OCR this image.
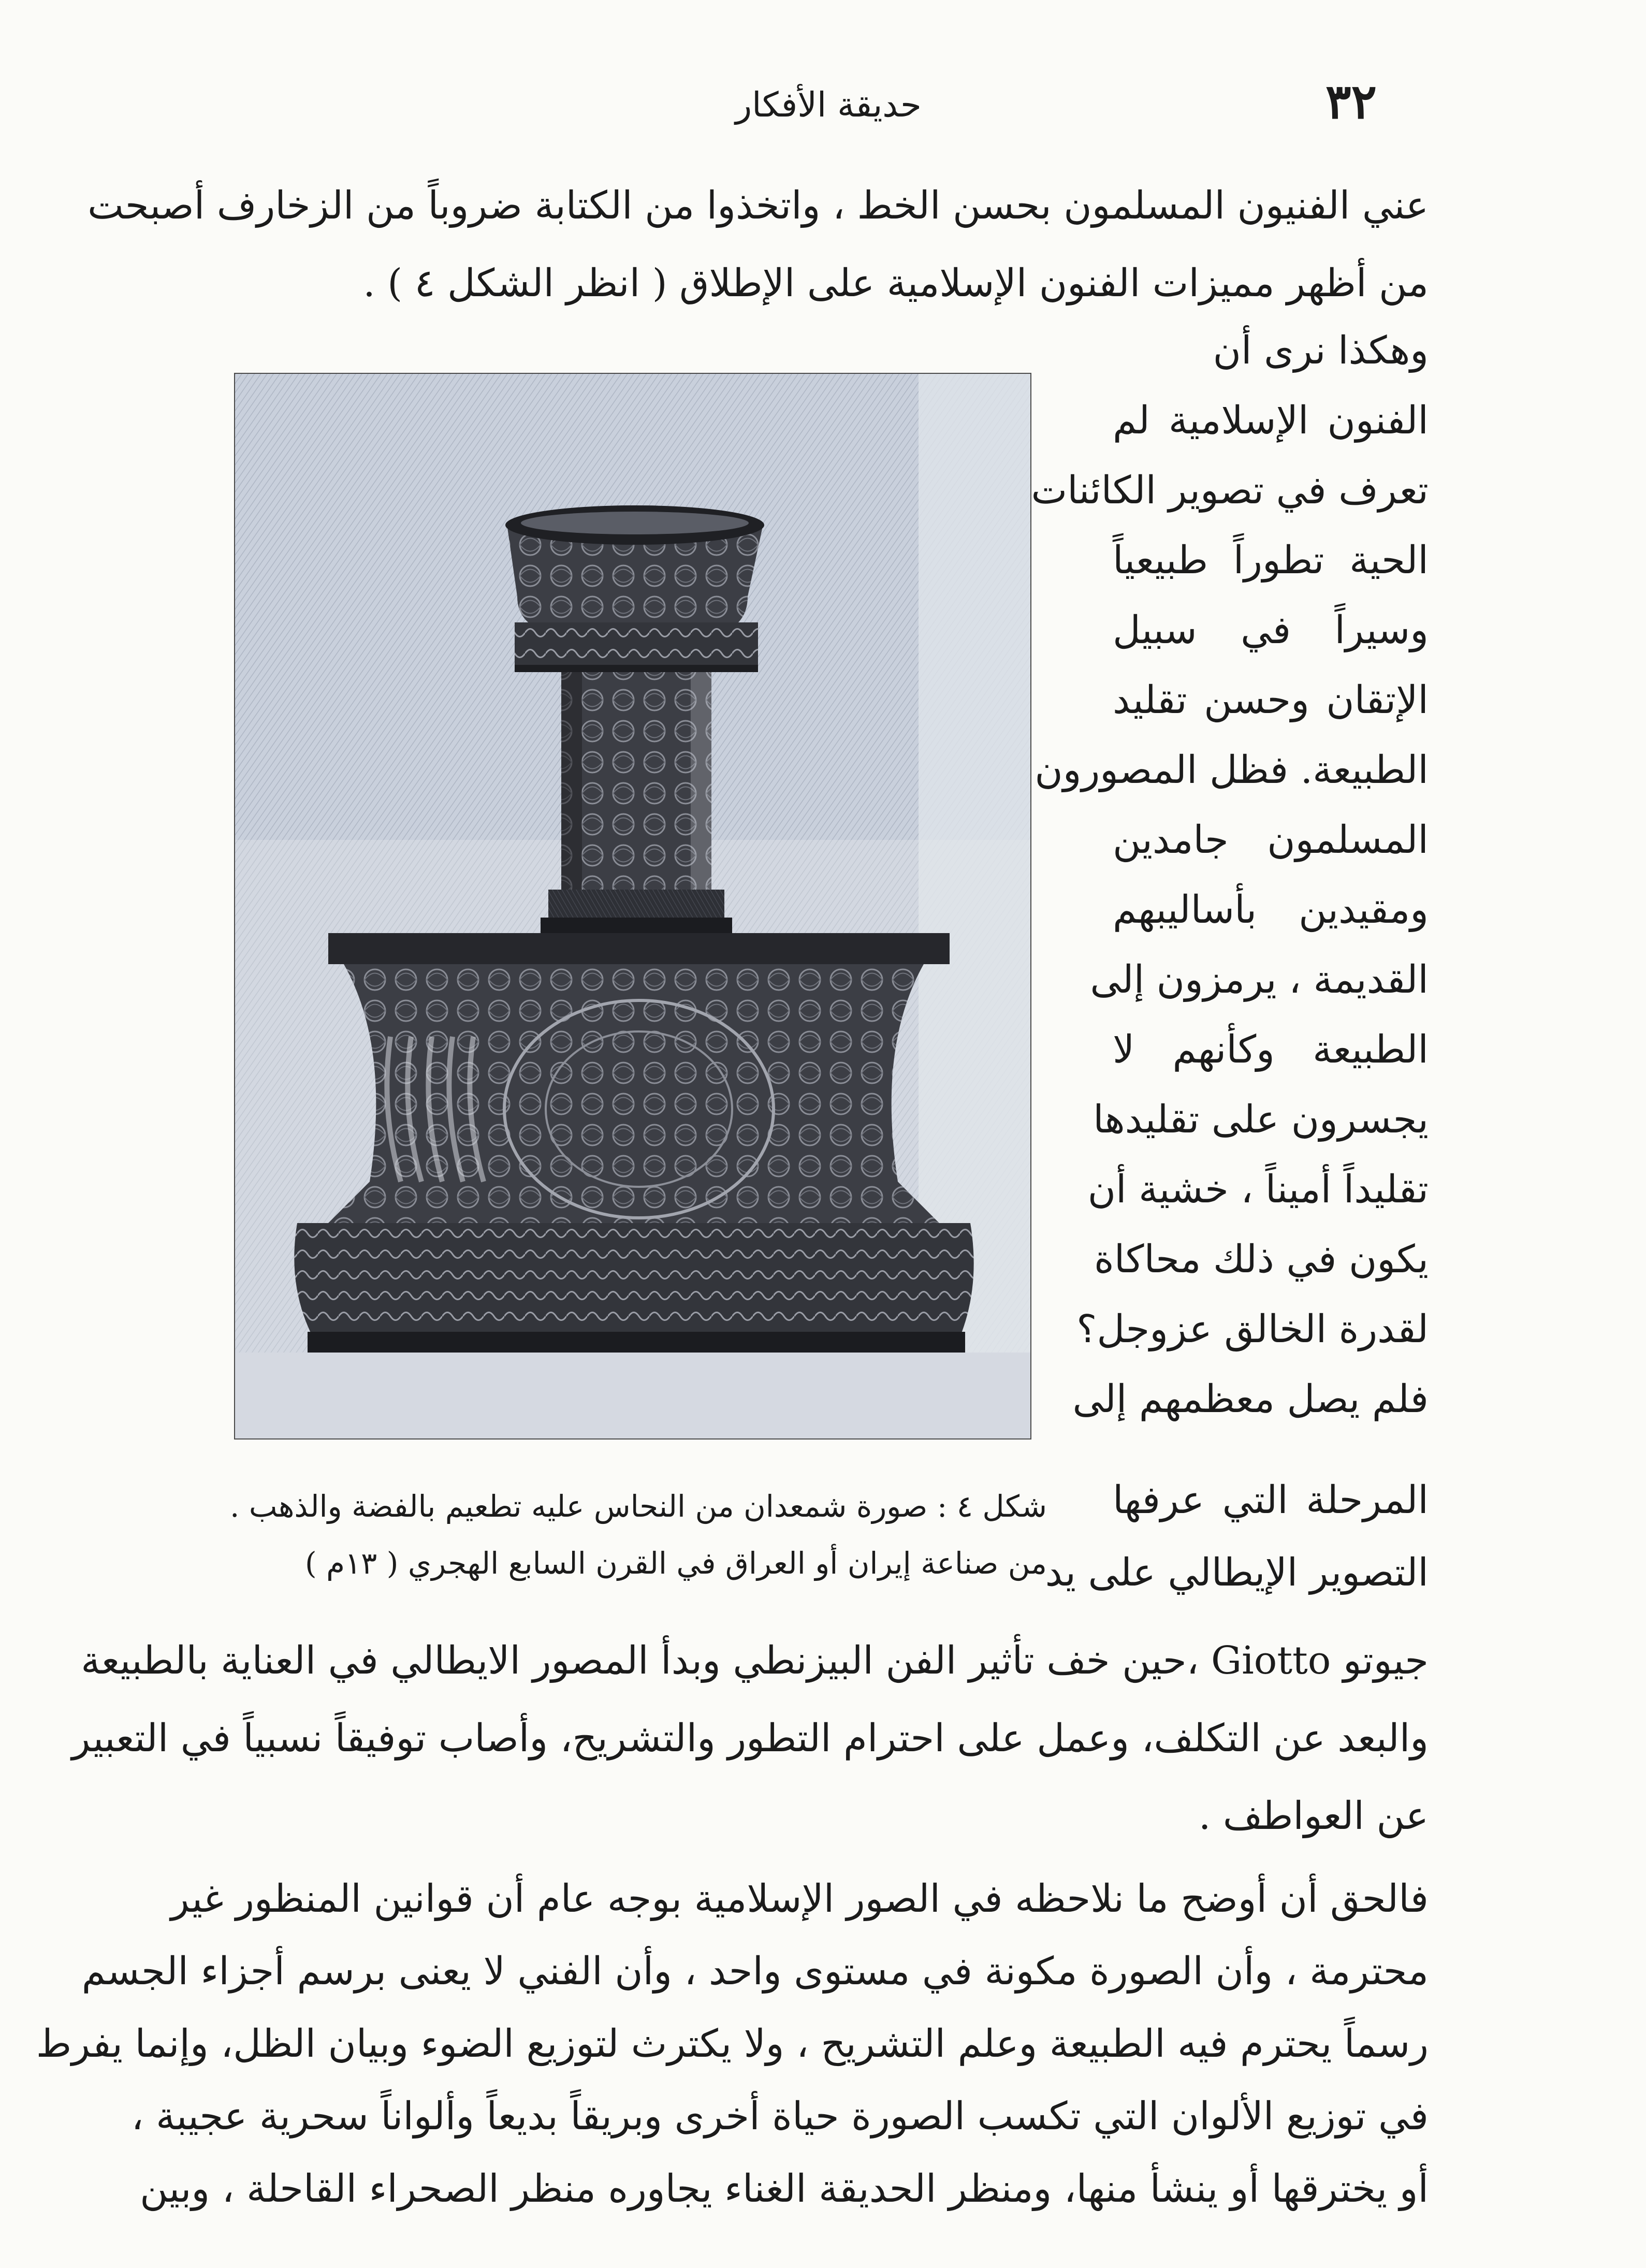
٣٢
حديقة الأفكار
عني الفنيون المسلمون بحسن الخط ، واتخذوا من الكتابة ضروباً من الزخارف أصبحت
من أظهر مميزات الفنون الإسلامية على الإطلاق ( انظر الشكل ٤ ) .
وهكذا نرى أن
الفنون الإسلامية لم
تعرف في تصوير الكائنات
الحية تطوراً طبيعياً
وسيراً في سبيل
الإتقان وحسن تقليد
الطبيعة. فظل المصورون
المسلمون جامدين
ومقيدين بأساليبهم
القديمة ، يرمزون إلى
الطبيعة وكأنهم لا
يجسرون على تقليدها
تقليداً أميناً ، خشية أن
يكون في ذلك محاكاة
لقدرة الخالق عزوجل؟
فلم يصل معظمهم إلى
المرحلة التي عرفها
التصوير الإيطالي على يد
شكل ٤ : صورة شمعدان من النحاس عليه تطعيم بالفضة والذهب .
من صناعة إيران أو العراق في القرن السابع الهجري ( ١٣م )
جيوتو Giotto ،حين خف تأثير الفن البيزنطي وبدأ المصور الايطالي في العناية بالطبيعة
والبعد عن التكلف، وعمل على احترام التطور والتشريح، وأصاب توفيقاً نسبياً في التعبير
عن العواطف .
فالحق أن أوضح ما نلاحظه في الصور الإسلامية بوجه عام أن قوانين المنظور غير
محترمة ، وأن الصورة مكونة في مستوى واحد ، وأن الفني لا يعنى برسم أجزاء الجسم
رسماً يحترم فيه الطبيعة وعلم التشريح ، ولا يكترث لتوزيع الضوء وبيان الظل، وإنما يفرط
في توزيع الألوان التي تكسب الصورة حياة أخرى وبريقاً بديعاً وألواناً سحرية عجيبة ،
أو يخترقها أو ينشأ منها، ومنظر الحديقة الغناء يجاوره منظر الصحراء القاحلة ، وبين
